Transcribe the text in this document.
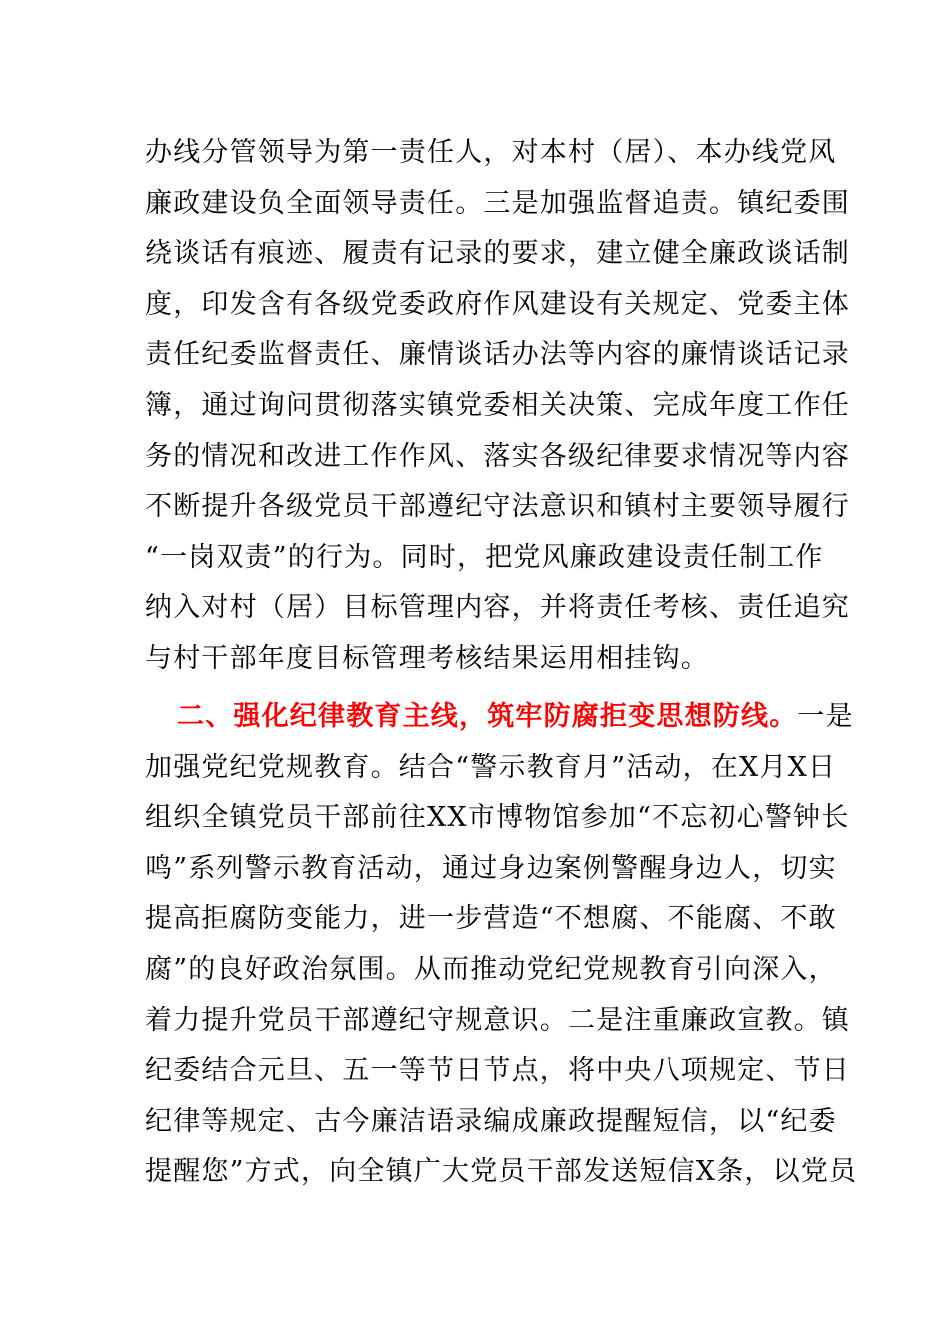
办线分管领导为第一责任人，对本村（居）、本办线党风
廉政建设负全面领导责任。三是加强监督追责。镇纪委围
绕谈话有痕迹、履责有记录的要求，建立健全廉政谈话制
度，印发含有各级党委政府作风建设有关规定、党委主体
责任纪委监督责任、廉情谈话办法等内容的廉情谈话记录
簿，通过询问贯彻落实镇党委相关决策、完成年度工作任
务的情况和改进工作作风、落实各级纪律要求情况等内容
不断提升各级党员干部遵纪守法意识和镇村主要领导履行
“一岗双责”的行为。同时，把党风廉政建设责任制工作
纳入对村（居）目标管理内容，并将责任考核、责任追究
与村干部年度目标管理考核结果运用相挂钩。
二、强化纪律教育主线，筑牢防腐拒变思想防线。一是
加强党纪党规教育。结合“警示教育月”活动，在X月X日
组织全镇党员干部前往XX市博物馆参加“不忘初心警钟长
鸣”系列警示教育活动，通过身边案例警醒身边人，切实
提高拒腐防变能力，进一步营造“不想腐、不能腐、不敢
腐”的良好政治氛围。从而推动党纪党规教育引向深入，
着力提升党员干部遵纪守规意识。二是注重廉政宣教。镇
纪委结合元旦、五一等节日节点，将中央八项规定、节日
纪律等规定、古今廉洁语录编成廉政提醒短信，以“纪委
提醒您”方式，向全镇广大党员干部发送短信X条，以党员
